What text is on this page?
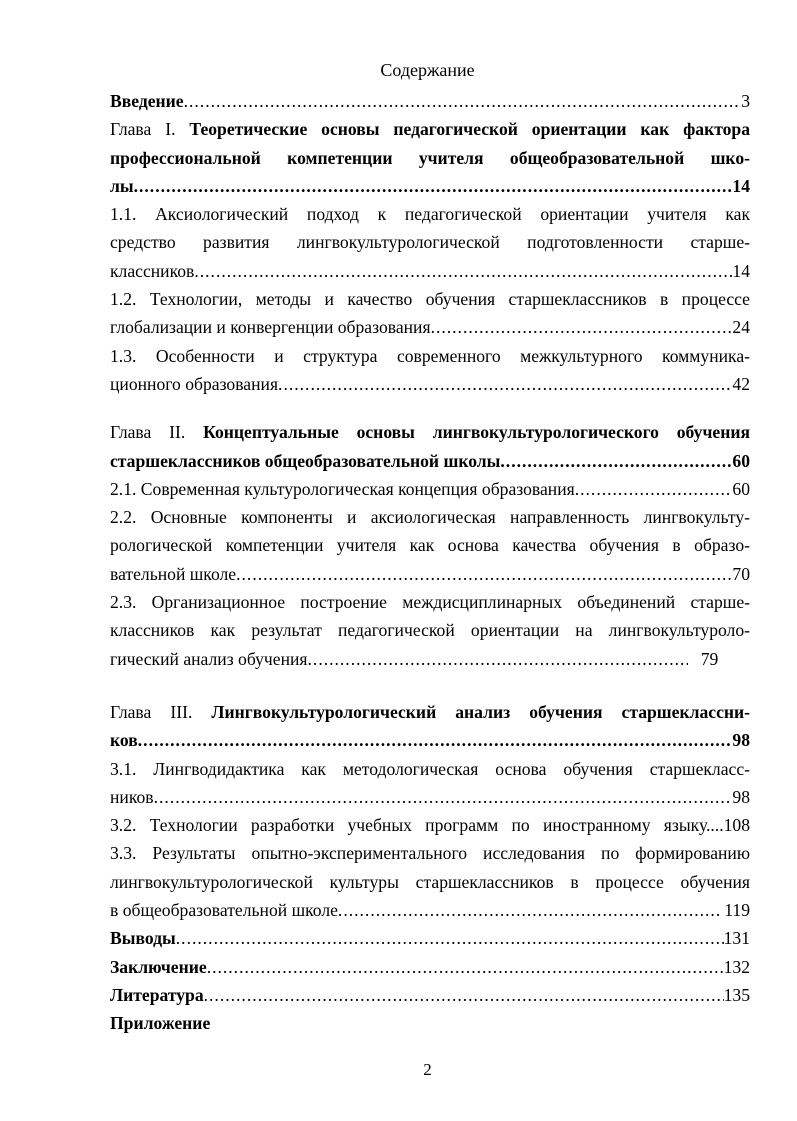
Содержание
Введение .....	3
Глава I. Теоретические основы педагогической ориентации как фактора
профессиональной компетенции учителя общеобразовательной шко-
лы .....	14
1.1. Аксиологический подход к педагогической ориентации учителя как
средство развития лингвокультурологической подготовленности старше-
классников .....	14
1.2. Технологии, методы и качество обучения старшеклассников в процессе
глобализации и конвергенции образования .....	24
1.3. Особенности и структура современного межкультурного коммуника-
ционного образования .....	42
Глава II. Концептуальные основы лингвокультурологического обучения
старшеклассников общеобразовательной школы .....	60
2.1. Современная культурологическая концепция образования .....	60
2.2. Основные компоненты и аксиологическая направленность лингвокульту-
рологической компетенции учителя как основа качества обучения в образо-
вательной школе .....	70
2.3. Организационное построение междисциплинарных объединений старше-
классников как результат педагогической ориентации на лингвокультуроло-
гический анализ обучения .....	79
Глава III. Лингвокультурологический анализ обучения старшеклассни-
ков .....	98
3.1. Лингводидактика как методологическая основа обучения старшекласс-
ников .....	98
3.2. Технологии разработки учебных программ по иностранному языку....108
3.3. Результаты опытно-экспериментального исследования по формированию
лингвокультурологической культуры старшеклассников в процессе обучения
в общеобразовательной школе .....	119
Выводы .....	131
Заключение .....	132
Литература .....	135
Приложение
2
